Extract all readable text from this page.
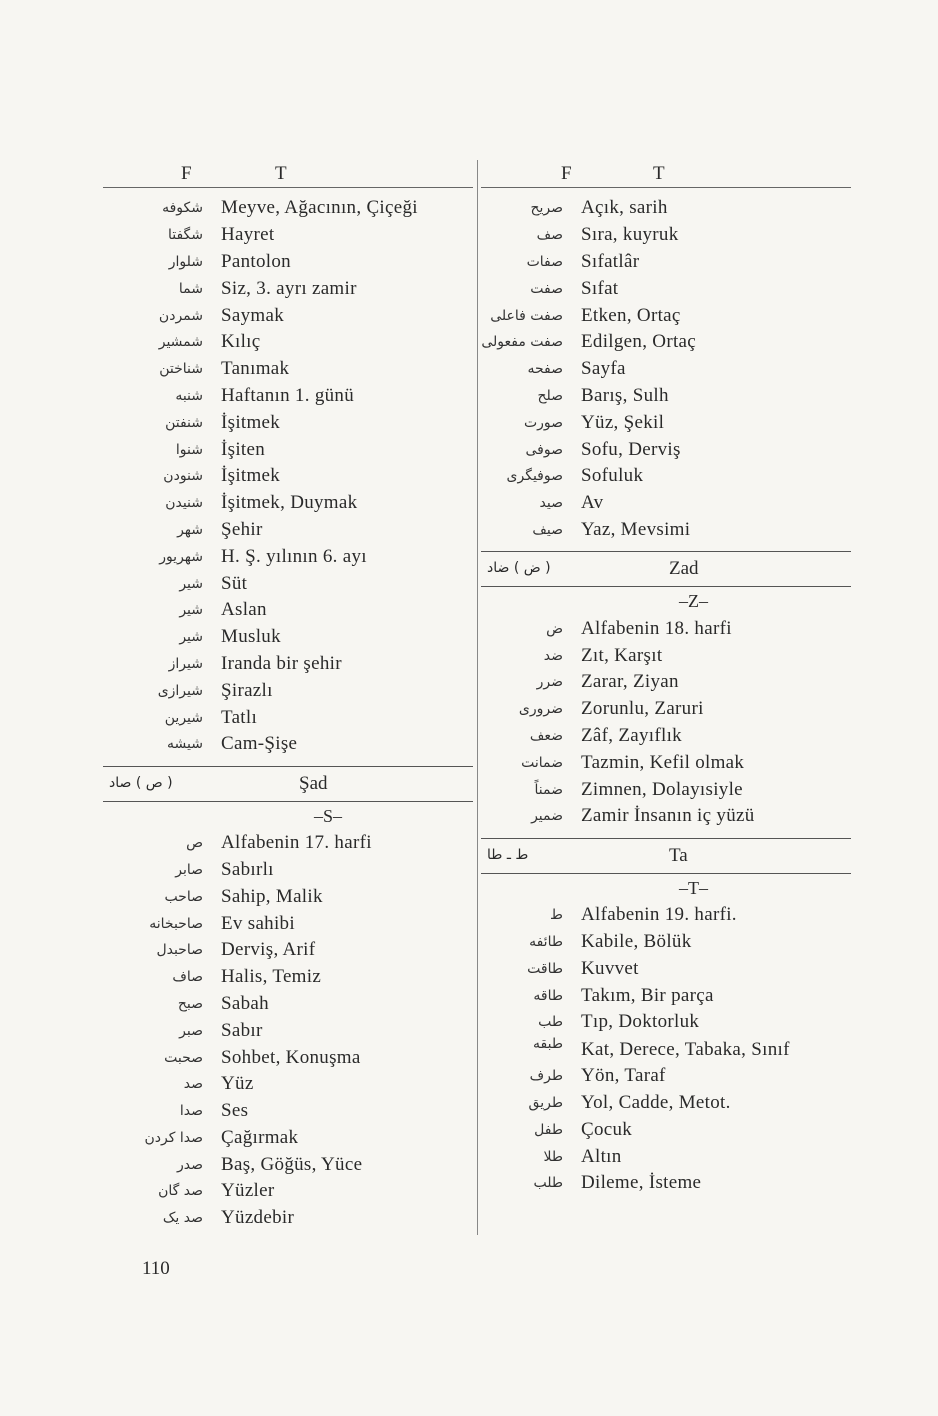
F	T
شکوفه Meyve, Ağacının, Çiçeği
شگفتا Hayret
شلوار Pantolon
شما Siz, 3. ayrı zamir
شمردن Saymak
شمشیر Kılıç
شناختن Tanımak
شنبه Haftanın 1. günü
شنفتن İşitmek
شنوا İşiten
شنودن İşitmek
شنیدن İşitmek, Duymak
شهر Şehir
شهریور H. Ş. yılının 6. ayı
شیر Süt
شیر Aslan
شیر Musluk
شیراز Iranda bir şehir
شیرازی Şirazlı
شیرین Tatlı
شیشه Cam-Şişe
( ص ) صاد	Şad
–S–
ص Alfabenin 17. harfi
صابر Sabırlı
صاحب Sahip, Malik
صاحبخانه Ev sahibi
صاحبدل Derviş, Arif
صاف Halis, Temiz
صبح Sabah
صبر Sabır
صحبت Sohbet, Konuşma
صد Yüz
صدا Ses
صدا کردن Çağırmak
صدر Baş, Göğüs, Yüce
صد گان Yüzler
صد یک Yüzdebir
F	T
صریح Açık, sarih
صف Sıra, kuyruk
صفات Sıfatlâr
صفت Sıfat
صفت فاعلی Etken, Ortaç
صفت مفعولی Edilgen, Ortaç
صفحه Sayfa
صلح Barış, Sulh
صورت Yüz, Şekil
صوفی Sofu, Derviş
صوفیگری Sofuluk
صید Av
صیف Yaz, Mevsimi
( ض ) ضاد	Zad
–Z–
ض Alfabenin 18. harfi
ضد Zıt, Karşıt
ضرر Zarar, Ziyan
ضروری Zorunlu, Zaruri
ضعف Zâf, Zayıflık
ضمانت Tazmin, Kefil olmak
ضمناً Zimnen, Dolayısiyle
ضمیر Zamir İnsanın iç yüzü
ط ـ طا	Ta
–T–
ط Alfabenin 19. harfi.
طائفه Kabile, Bölük
طاقت Kuvvet
طاقه Takım, Bir parça
طب Tıp, Doktorluk
طبقه Kat, Derece, Tabaka, Sınıf
طرف Yön, Taraf
طریق Yol, Cadde, Metot.
طفل Çocuk
طلا Altın
طلب Dileme, İsteme
110
